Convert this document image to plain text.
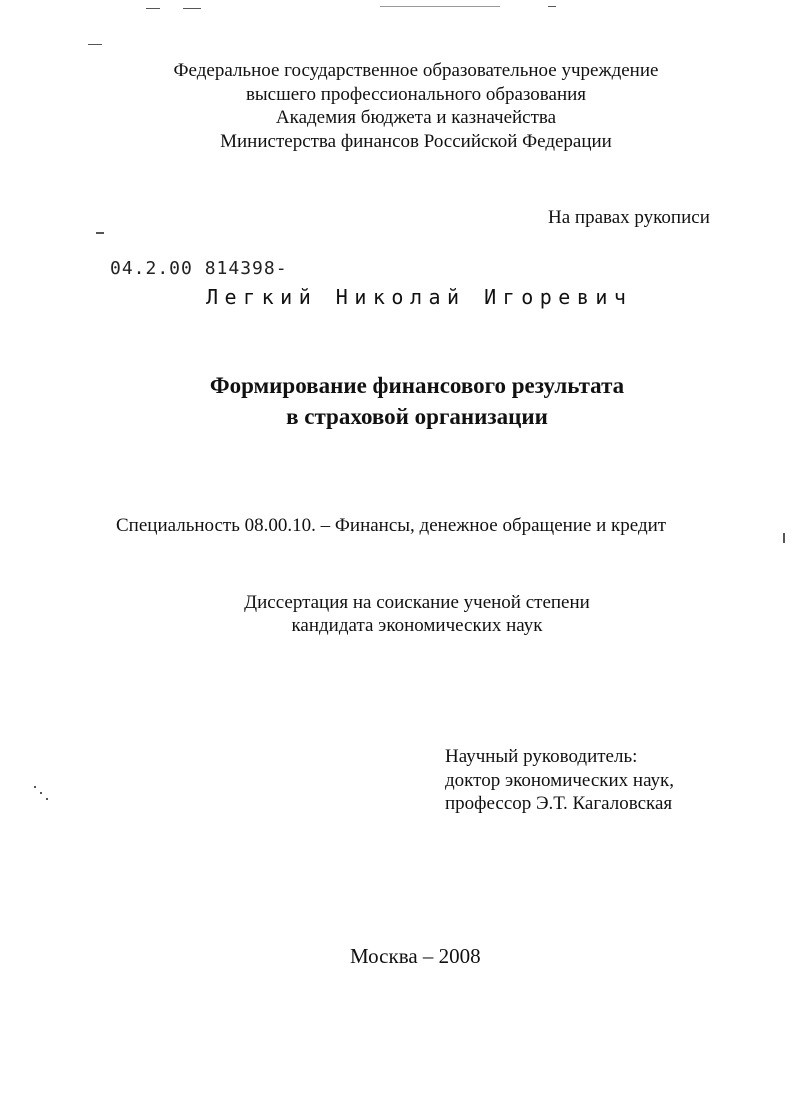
Федеральное государственное образовательное учреждение
высшего профессионального образования
Академия бюджета и казначейства
Министерства финансов Российской Федерации
На правах рукописи
04.2.00 814398-
Легкий Николай Игоревич
Формирование финансового результата
в страховой организации
Специальность 08.00.10. – Финансы, денежное обращение и кредит
Диссертация на соискание ученой степени
кандидата экономических наук
Научный руководитель:
доктор экономических наук,
профессор Э.Т. Кагаловская
Москва – 2008
